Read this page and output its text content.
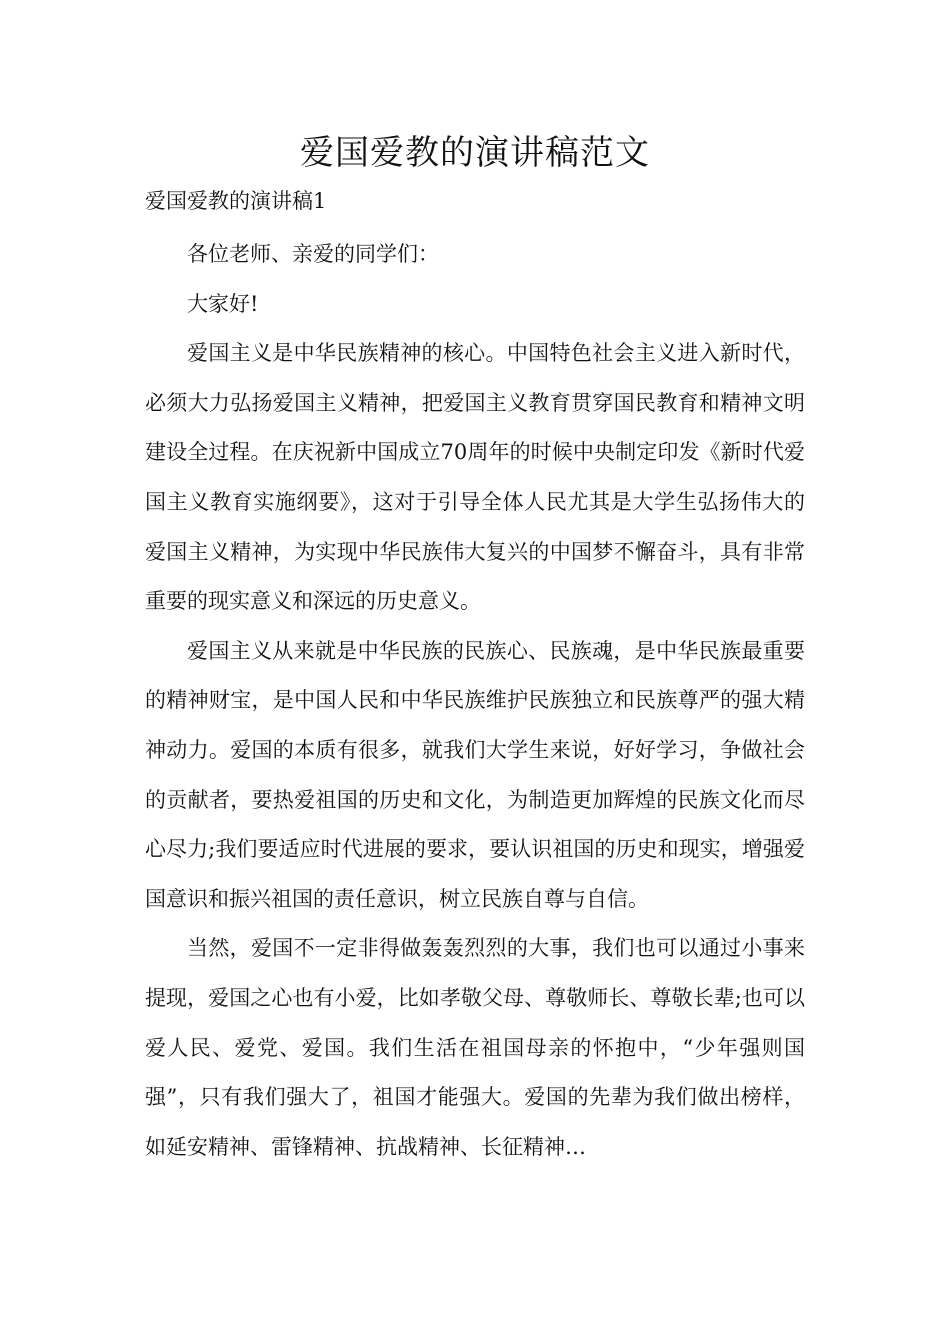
爱国爱教的演讲稿范文
爱国爱教的演讲稿1

各位老师、亲爱的同学们：

大家好!

爱国主义是中华民族精神的核心。中国特色社会主义进入新时代，必须大力弘扬爱国主义精神，把爱国主义教育贯穿国民教育和精神文明建设全过程。在庆祝新中国成立70周年的时候中央制定印发《新时代爱国主义教育实施纲要》，这对于引导全体人民尤其是大学生弘扬伟大的爱国主义精神，为实现中华民族伟大复兴的中国梦不懈奋斗，具有非常重要的现实意义和深远的历史意义。

爱国主义从来就是中华民族的民族心、民族魂，是中华民族最重要的精神财宝，是中国人民和中华民族维护民族独立和民族尊严的强大精神动力。爱国的本质有很多，就我们大学生来说，好好学习，争做社会的贡献者，要热爱祖国的历史和文化，为制造更加辉煌的民族文化而尽心尽力;我们要适应时代进展的要求，要认识祖国的历史和现实，增强爱国意识和振兴祖国的责任意识，树立民族自尊与自信。

当然，爱国不一定非得做轰轰烈烈的大事，我们也可以通过小事来提现，爱国之心也有小爱，比如孝敬父母、尊敬师长、尊敬长辈;也可以爱人民、爱党、爱国。我们生活在祖国母亲的怀抱中，“少年强则国强”，只有我们强大了，祖国才能强大。爱国的先辈为我们做出榜样，如延安精神、雷锋精神、抗战精神、长征精神…
